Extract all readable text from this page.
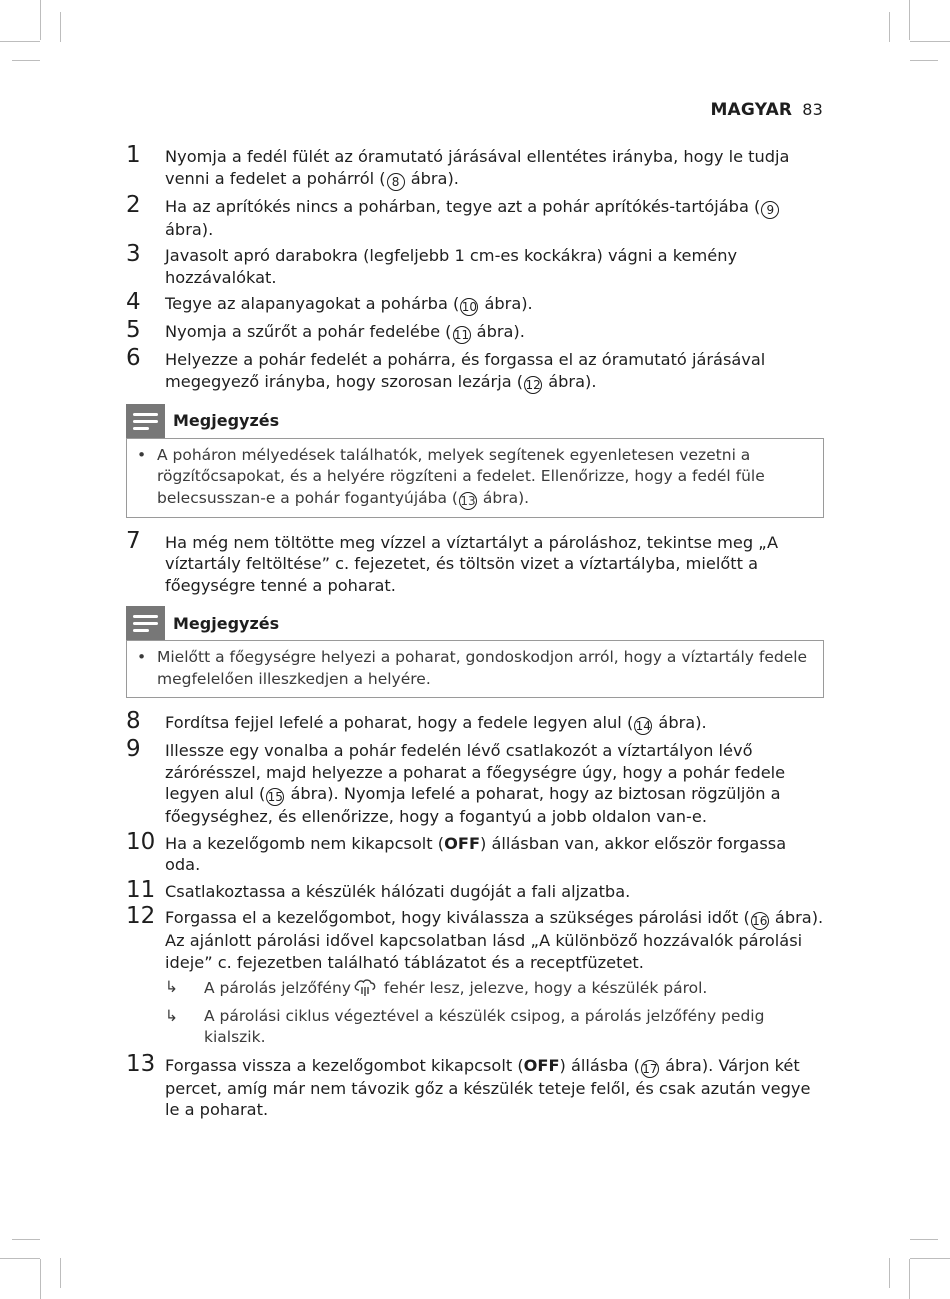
MAGYAR 83
1	Nyomja a fedél fülét az óramutató járásával ellentétes irányba, hogy le tudja venni a fedelet a pohárról ( 8 ábra).
2	Ha az aprítókés nincs a pohárban, tegye azt a pohár aprítókés-tartójába ( 9 ábra).
3	Javasolt apró darabokra (legfeljebb 1 cm-es kockákra) vágni a kemény hozzávalókat.
4	Tegye az alapanyagokat a pohárba ( 10 ábra).
5	Nyomja a szűrőt a pohár fedelébe ( 11 ábra).
6	Helyezze a pohár fedelét a pohárra, és forgassa el az óramutató járásával megegyező irányba, hogy szorosan lezárja ( 12 ábra).
Megjegyzés
• A poháron mélyedések találhatók, melyek segítenek egyenletesen vezetni a rögzítőcsapokat, és a helyére rögzíteni a fedelet. Ellenőrizze, hogy a fedél füle belecsusszan-e a pohár fogantyújába ( 13 ábra).
7	Ha még nem töltötte meg vízzel a víztartályt a pároláshoz, tekintse meg „A víztartály feltöltése” c. fejezetet, és töltsön vizet a víztartályba, mielőtt a főegységre tenné a poharat.
Megjegyzés
• Mielőtt a főegységre helyezi a poharat, gondoskodjon arról, hogy a víztartály fedele megfelelően illeszkedjen a helyére.
8	Fordítsa fejjel lefelé a poharat, hogy a fedele legyen alul ( 14 ábra).
9	Illessze egy vonalba a pohár fedelén lévő csatlakozót a víztartályon lévő zárórésszel, majd helyezze a poharat a főegységre úgy, hogy a pohár fedele legyen alul ( 15 ábra). Nyomja lefelé a poharat, hogy az biztosan rögzüljön a főegységhez, és ellenőrizze, hogy a fogantyú a jobb oldalon van-e.
10 Ha a kezelőgomb nem kikapcsolt (OFF) állásban van, akkor először forgassa oda.
11 Csatlakoztassa a készülék hálózati dugóját a fali aljzatba.
12 Forgassa el a kezelőgombot, hogy kiválassza a szükséges párolási időt ( 16 ábra). Az ajánlott párolási idővel kapcsolatban lásd „A különböző hozzávalók párolási ideje” c. fejezetben található táblázatot és a receptfüzetet.
↳	A párolás jelzőfény fehér lesz, jelezve, hogy a készülék párol.
↳	A párolási ciklus végeztével a készülék csipog, a párolás jelzőfény pedig kialszik.
13 Forgassa vissza a kezelőgombot kikapcsolt (OFF) állásba ( 17 ábra). Várjon két percet, amíg már nem távozik gőz a készülék teteje felől, és csak azután vegye le a poharat.
